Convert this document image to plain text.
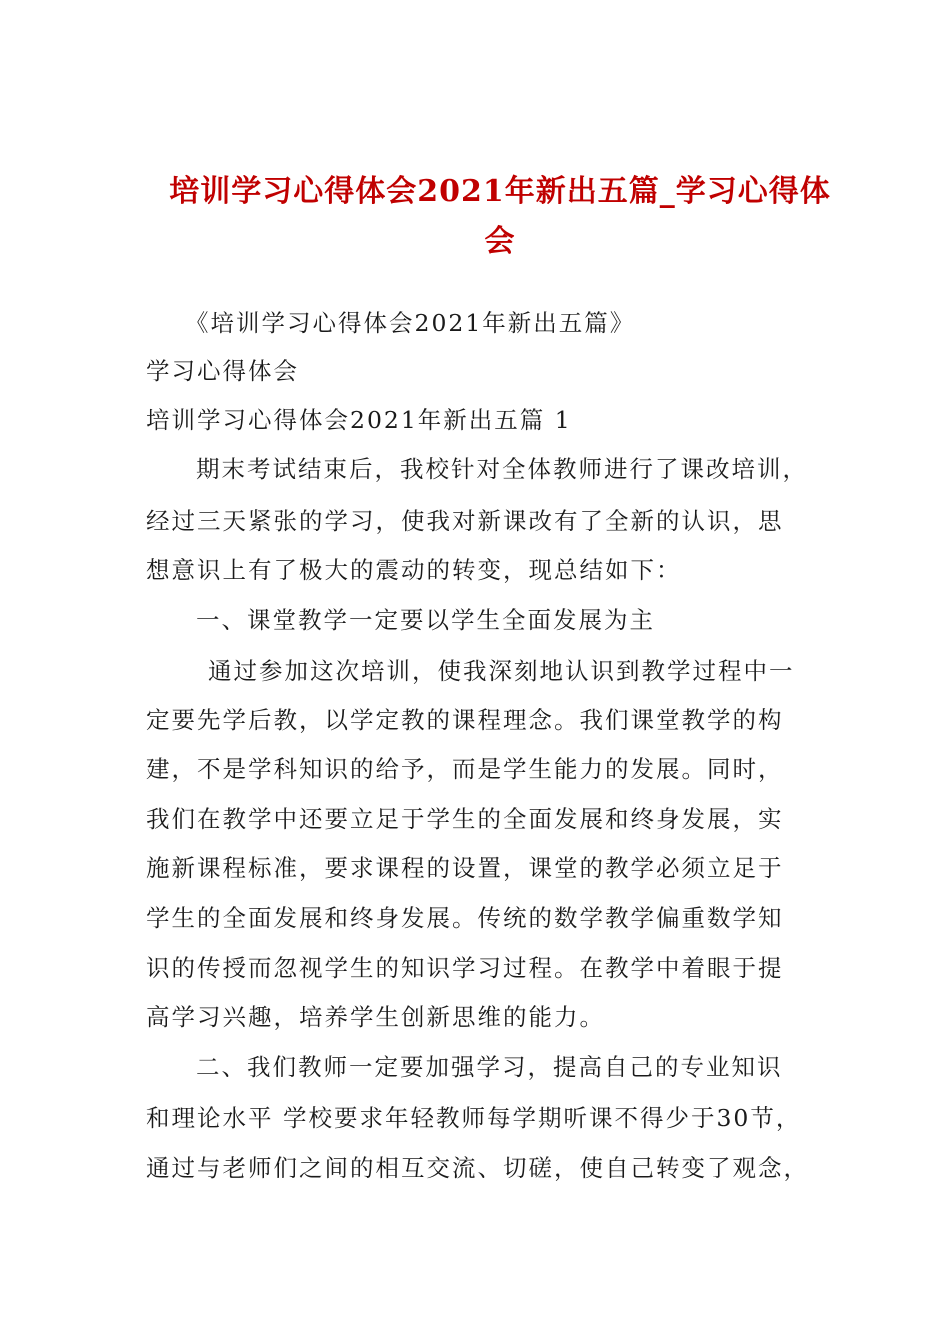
培训学习心得体会2021年新出五篇_学习心得体
会
《培训学习心得体会2021年新出五篇》
学习心得体会
培训学习心得体会2021年新出五篇 1
期末考试结束后，我校针对全体教师进行了课改培训，
经过三天紧张的学习，使我对新课改有了全新的认识，思
想意识上有了极大的震动的转变，现总结如下：
一、课堂教学一定要以学生全面发展为主
通过参加这次培训，使我深刻地认识到教学过程中一
定要先学后教，以学定教的课程理念。我们课堂教学的构
建，不是学科知识的给予，而是学生能力的发展。同时，
我们在教学中还要立足于学生的全面发展和终身发展，实
施新课程标准，要求课程的设置，课堂的教学必须立足于
学生的全面发展和终身发展。传统的数学教学偏重数学知
识的传授而忽视学生的知识学习过程。在教学中着眼于提
高学习兴趣，培养学生创新思维的能力。
二、我们教师一定要加强学习，提高自己的专业知识
和理论水平 学校要求年轻教师每学期听课不得少于30节，
通过与老师们之间的相互交流、切磋，使自己转变了观念，
